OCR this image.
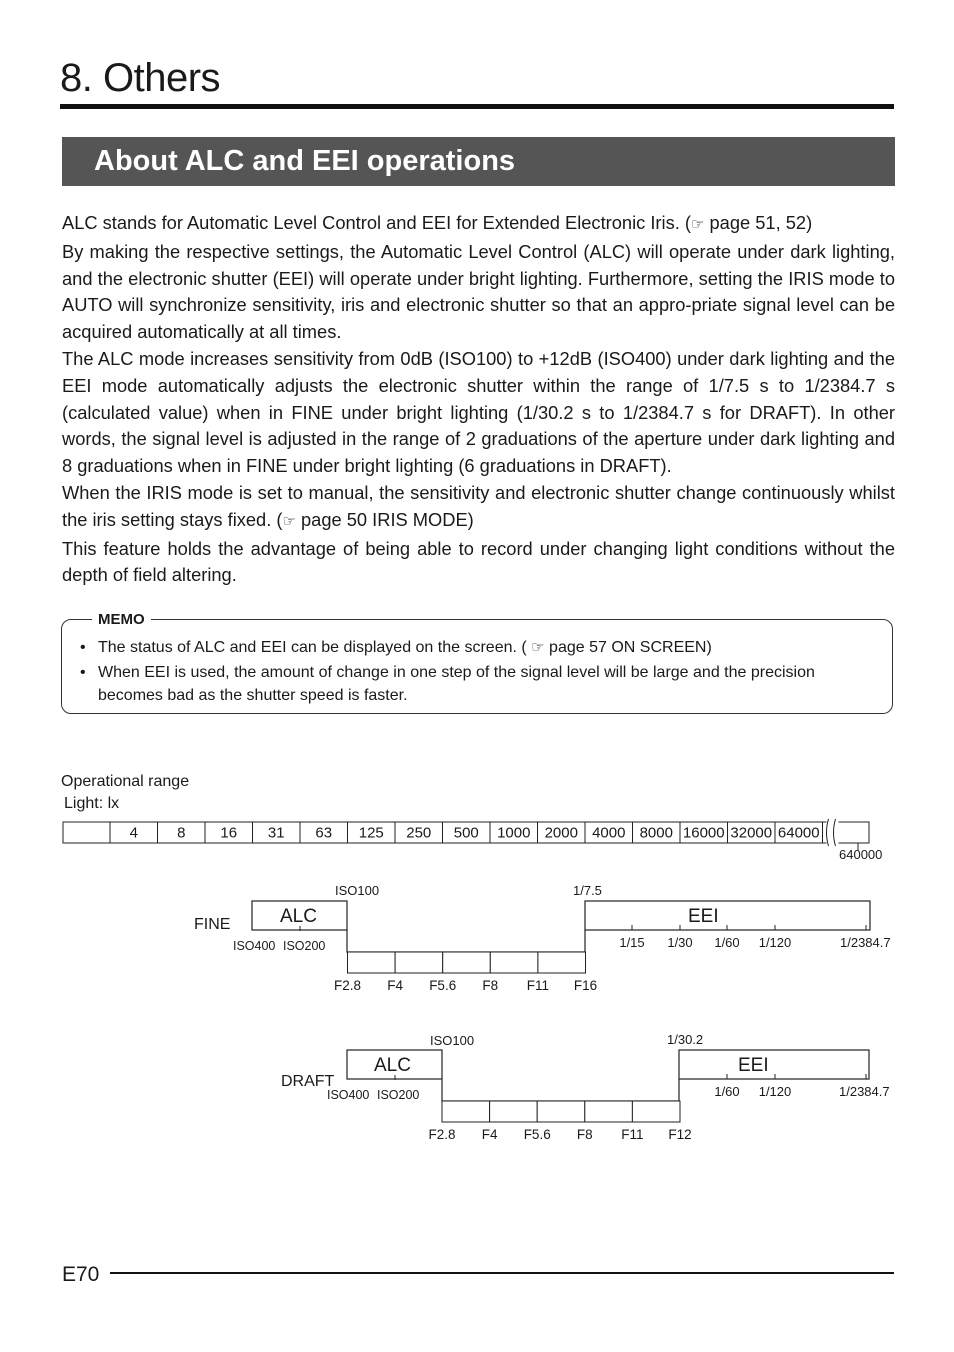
8. Others
About ALC and EEI operations

ALC stands for Automatic Level Control and EEI for Extended Electronic Iris. (☞ page 51, 52)

By making the respective settings, the Automatic Level Control (ALC) will operate under dark lighting, and the electronic shutter (EEI) will operate under bright lighting. Furthermore, setting the IRIS mode to AUTO will synchronize sensitivity, iris and electronic shutter so that an appro-priate signal level can be acquired automatically at all times.

The ALC mode increases sensitivity from 0dB (ISO100) to +12dB (ISO400) under dark lighting and the EEI mode automatically adjusts the electronic shutter within the range of 1/7.5 s to 1/2384.7 s (calculated value) when in FINE under bright lighting (1/30.2 s to 1/2384.7 s for DRAFT). In other words, the signal level is adjusted in the range of 2 graduations of the aperture under dark lighting and 8 graduations when in FINE under bright lighting (6 graduations in DRAFT).

When the IRIS mode is set to manual, the sensitivity and electronic shutter change continuously whilst the iris setting stays fixed. (☞ page 50 IRIS MODE)

This feature holds the advantage of being able to record under changing light conditions without the depth of field altering.

MEMO
• The status of ALC and EEI can be displayed on the screen. ( ☞ page 57 ON SCREEN)
• When EEI is used, the amount of change in one step of the signal level will be large and the precision becomes bad as the shutter speed is faster.
Operational range
Light: lx
4	8 16 31 63 125 250 500 1000 2000 4000 8000 16000 32000 64000
640000
FINE
ISO100	1/7.5
ALC
ISO400 ISO200
EEI
1/15 1/30 1/60 1/120	1/2384.7
F2.8 F4 F5.6 F8 F11 F16
DRAFT
ISO100	1/30.2
ALC
ISO400 ISO200
EEI
1/60 1/120	1/2384.7
F2.8 F4 F5.6 F8 F11 F12
E70
